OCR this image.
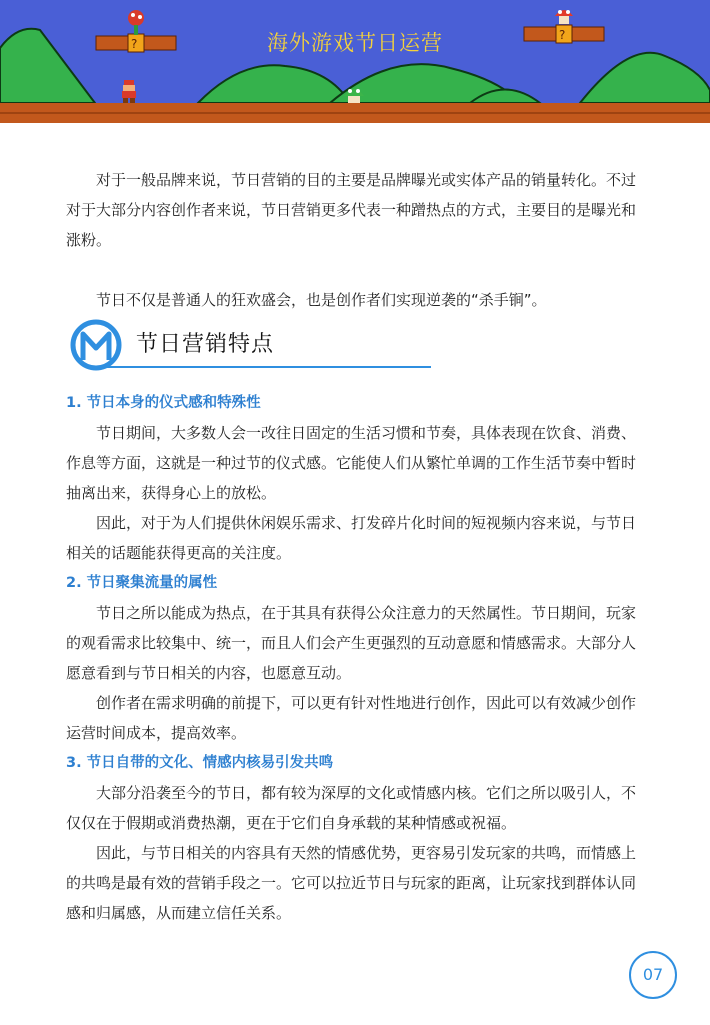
?
?
海外游戏节日运营

对于一般品牌来说，节日营销的目的主要是品牌曝光或实体产品的销量转化。不过对于大部分内容创作者来说，节日营销更多代表一种蹭热点的方式，主要目的是曝光和涨粉。

节日不仅是普通人的狂欢盛会，也是创作者们实现逆袭的“杀手锏”。

节日营销特点

1. 节日本身的仪式感和特殊性

节日期间，大多数人会一改往日固定的生活习惯和节奏，具体表现在饮食、消费、作息等方面，这就是一种过节的仪式感。它能使人们从繁忙单调的工作生活节奏中暂时抽离出来，获得身心上的放松。

因此，对于为人们提供休闲娱乐需求、打发碎片化时间的短视频内容来说，与节日相关的话题能获得更高的关注度。

2. 节日聚集流量的属性

节日之所以能成为热点，在于其具有获得公众注意力的天然属性。节日期间，玩家的观看需求比较集中、统一，而且人们会产生更强烈的互动意愿和情感需求。大部分人愿意看到与节日相关的内容，也愿意互动。

创作者在需求明确的前提下，可以更有针对性地进行创作，因此可以有效减少创作运营时间成本，提高效率。

3. 节日自带的文化、情感内核易引发共鸣

大部分沿袭至今的节日，都有较为深厚的文化或情感内核。它们之所以吸引人，不仅仅在于假期或消费热潮，更在于它们自身承载的某种情感或祝福。

因此，与节日相关的内容具有天然的情感优势，更容易引发玩家的共鸣，而情感上的共鸣是最有效的营销手段之一。它可以拉近节日与玩家的距离，让玩家找到群体认同感和归属感，从而建立信任关系。

07
